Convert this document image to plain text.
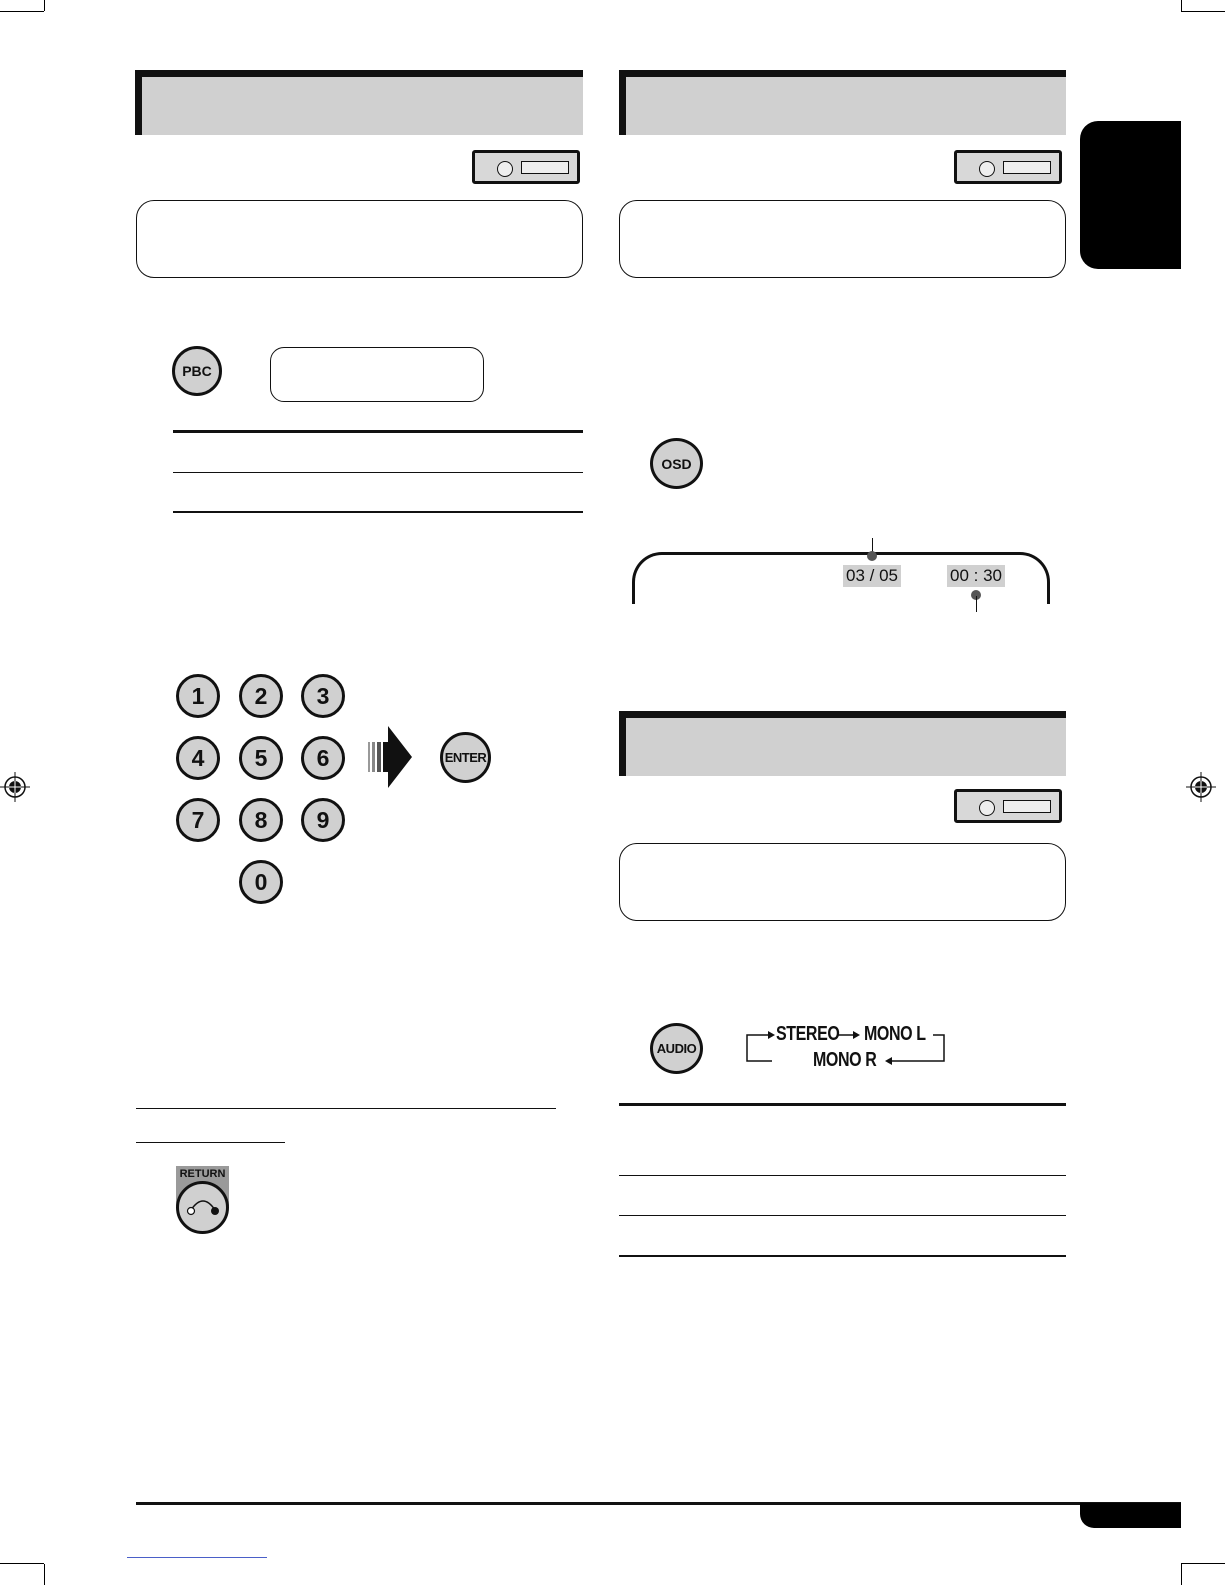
PBC
1	2	3
4	5	6
7	8	9
0
ENTER
RETURN
OSD
03 / 05	00 : 30
AUDIO
STEREO MONO L
MONO R
